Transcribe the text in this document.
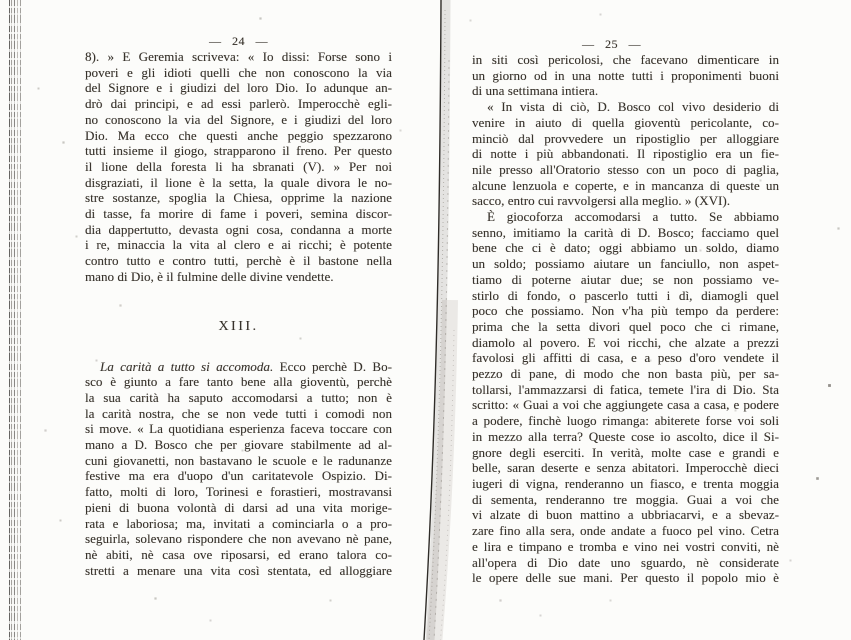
— 24 —
8). » E Geremia scriveva: « Io dissi: Forse sono i
poveri e gli idioti quelli che non conoscono la via
del Signore e i giudizi del loro Dio. Io adunque an-
drò dai principi, e ad essi parlerò. Imperocchè egli-
no conoscono la via del Signore, e i giudizi del loro
Dio. Ma ecco che questi anche peggio spezzarono
tutti insieme il giogo, strapparono il freno. Per questo
il lione della foresta li ha sbranati (V). » Per noi
disgraziati, il lione è la setta, la quale divora le no-
stre sostanze, spoglia la Chiesa, opprime la nazione
di tasse, fa morire di fame i poveri, semina discor-
dia dappertutto, devasta ogni cosa, condanna a morte
i re, minaccia la vita al clero e ai ricchi; è potente
contro tutto e contro tutti, perchè è il bastone nella
mano di Dio, è il fulmine delle divine vendette.
XIII.
La carità a tutto si accomoda. Ecco perchè D. Bo-
sco è giunto a fare tanto bene alla gioventù, perchè
la sua carità ha saputo accomodarsi a tutto; non è
la carità nostra, che se non vede tutti i comodi non
si move. « La quotidiana esperienza faceva toccare con
mano a D. Bosco che per giovare stabilmente ad al-
cuni giovanetti, non bastavano le scuole e le radunanze
festive ma era d'uopo d'un caritatevole Ospizio. Di-
fatto, molti di loro, Torinesi e forastieri, mostravansi
pieni di buona volontà di darsi ad una vita morige-
rata e laboriosa; ma, invitati a cominciarla o a pro-
seguirla, solevano rispondere che non avevano nè pane,
nè abiti, nè casa ove riposarsi, ed erano talora co-
stretti a menare una vita così stentata, ed alloggiare
— 25 —
in siti così pericolosi, che facevano dimenticare in
un giorno od in una notte tutti i proponimenti buoni
di una settimana intiera.
« In vista di ciò, D. Bosco col vivo desiderio di
venire in aiuto di quella gioventù pericolante, co-
minciò dal provvedere un ripostiglio per alloggiare
di notte i più abbandonati. Il ripostiglio era un fie-
nile presso all'Oratorio stesso con un poco di paglia,
alcune lenzuola e coperte, e in mancanza di queste un
sacco, entro cui ravvolgersi alla meglio. » (XVI).
È giocoforza accomodarsi a tutto. Se abbiamo
senno, imitiamo la carità di D. Bosco; facciamo quel
bene che ci è dato; oggi abbiamo un soldo, diamo
un soldo; possiamo aiutare un fanciullo, non aspet-
tiamo di poterne aiutar due; se non possiamo ve-
stirlo di fondo, o pascerlo tutti i dì, diamogli quel
poco che possiamo. Non v'ha più tempo da perdere:
prima che la setta divori quel poco che ci rimane,
diamolo al povero. E voi ricchi, che alzate a prezzi
favolosi gli affitti di casa, e a peso d'oro vendete il
pezzo di pane, di modo che non basta più, per sa-
tollarsi, l'ammazzarsi di fatica, temete l'ira di Dio. Sta
scritto: « Guai a voi che aggiungete casa a casa, e podere
a podere, finchè luogo rimanga: abiterete forse voi soli
in mezzo alla terra? Queste cose io ascolto, dice il Si-
gnore degli eserciti. In verità, molte case e grandi e
belle, saran deserte e senza abitatori. Imperocchè dieci
iugeri di vigna, renderanno un fiasco, e trenta moggia
di sementa, renderanno tre moggia. Guai a voi che
vi alzate di buon mattino a ubbriacarvi, e a sbevaz-
zare fino alla sera, onde andate a fuoco pel vino. Cetra
e lira e timpano e tromba e vino nei vostri conviti, nè
all'opera di Dio date uno sguardo, nè considerate
le opere delle sue mani. Per questo il popolo mio è
